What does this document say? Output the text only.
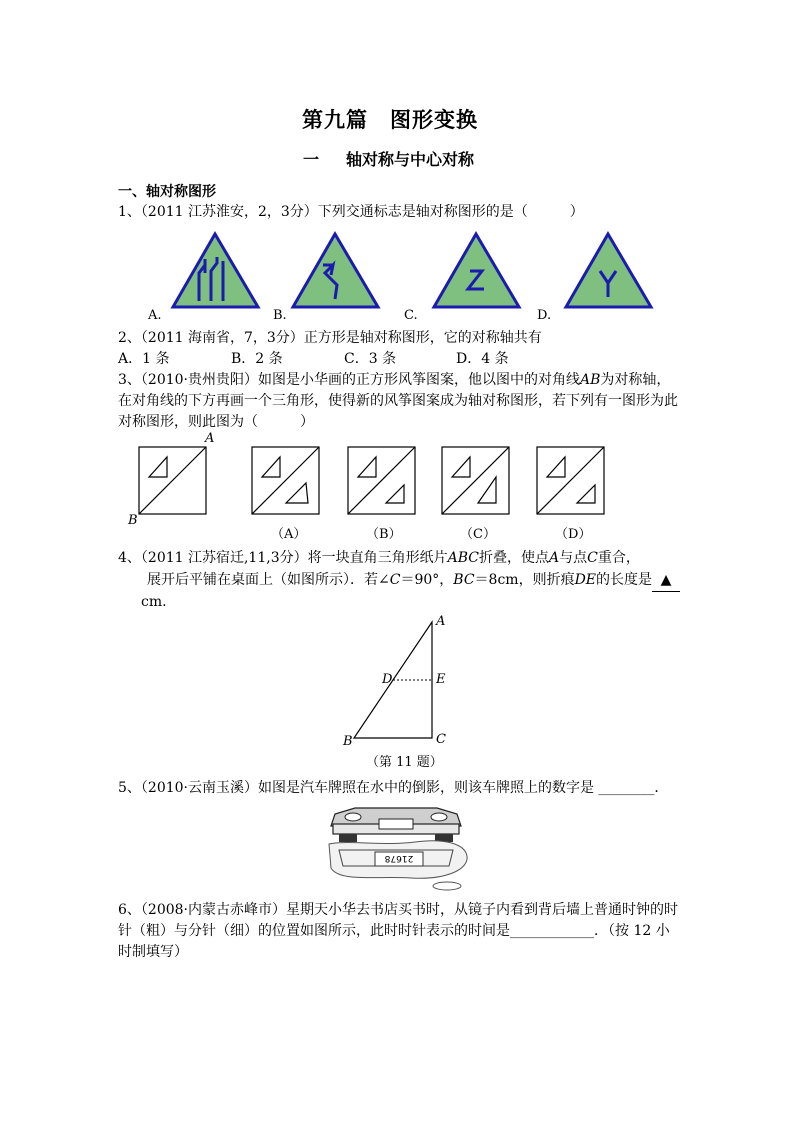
第九篇　图形变换
一 轴对称与中心对称
一、轴对称图形
1、（2011 江苏淮安，2，3分）下列交通标志是轴对称图形的是（　　　）
A.	B.	C.	D.
2、（2011 海南省，7，3分）正方形是轴对称图形，它的对称轴共有
A．1 条	B．2 条	C．3 条	D．4 条
3、（2010·贵州贵阳）如图是小华画的正方形风筝图案，他以图中的对角线AB为对称轴，
在对角线的下方再画一个三角形，使得新的风筝图案成为轴对称图形，若下列有一图形为此
对称图形，则此图为（　　　）
A
B
（A）	（B）	（C）	（D）
4、（2011 江苏宿迁,11,3分）将一块直角三角形纸片ABC折叠，使点A与点C重合，
展开后平铺在桌面上（如图所示）．若∠C＝90°，BC＝8cm，则折痕DE的长度是 ▲
cm.
A
D	E
B	C
（第 11 题）
5、（2010·云南玉溪）如图是汽车牌照在水中的倒影，则该车牌照上的数字是 ________．
21678
6、（2008·内蒙古赤峰市）星期天小华去书店买书时，从镜子内看到背后墙上普通时钟的时
针（粗）与分针（细）的位置如图所示，此时时针表示的时间是____________．（按 12 小
时制填写）
